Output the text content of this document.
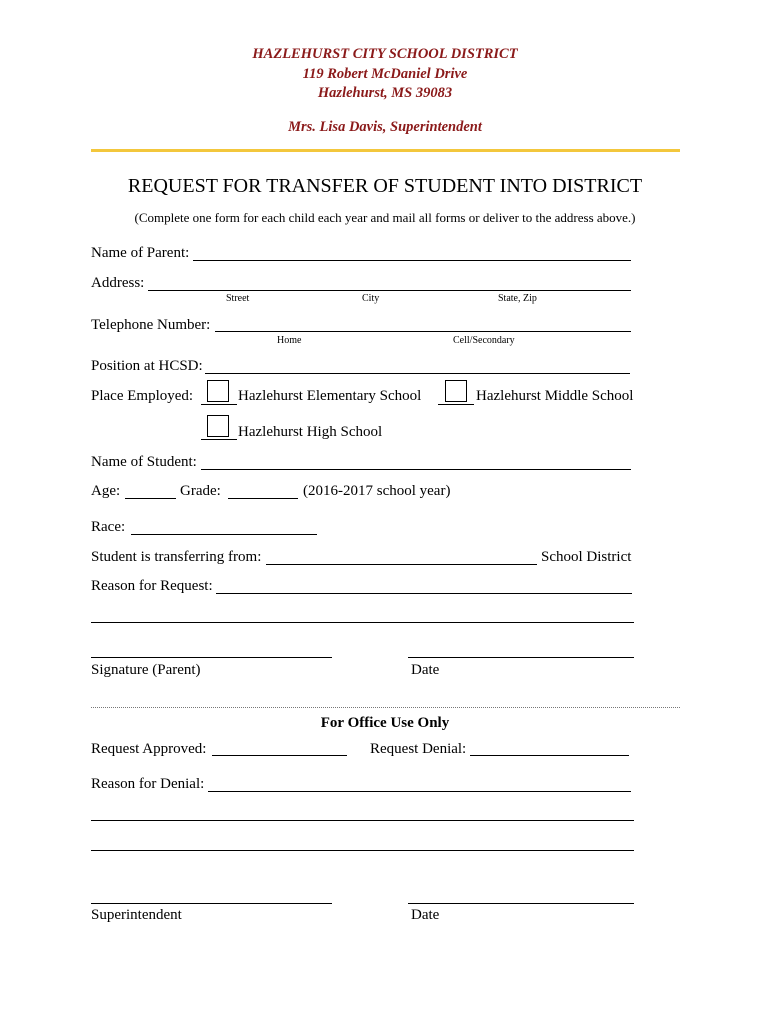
HAZLEHURST CITY SCHOOL DISTRICT
119 Robert McDaniel Drive
Hazlehurst, MS 39083
Mrs. Lisa Davis, Superintendent
REQUEST FOR TRANSFER OF STUDENT INTO DISTRICT
(Complete one form for each child each year and mail all forms or deliver to the address above.)
Name of Parent:
Address:
Street	City	State, Zip
Telephone Number:
Home	Cell/Secondary
Position at HCSD:
Place Employed:	Hazlehurst Elementary School	Hazlehurst Middle School
Hazlehurst High School
Name of Student:
Age:	Grade:	(2016-2017 school year)
Race:
Student is transferring from:	School District
Reason for Request:
Signature (Parent)	Date
For Office Use Only
Request Approved:	Request Denial:
Reason for Denial:
Superintendent	Date
